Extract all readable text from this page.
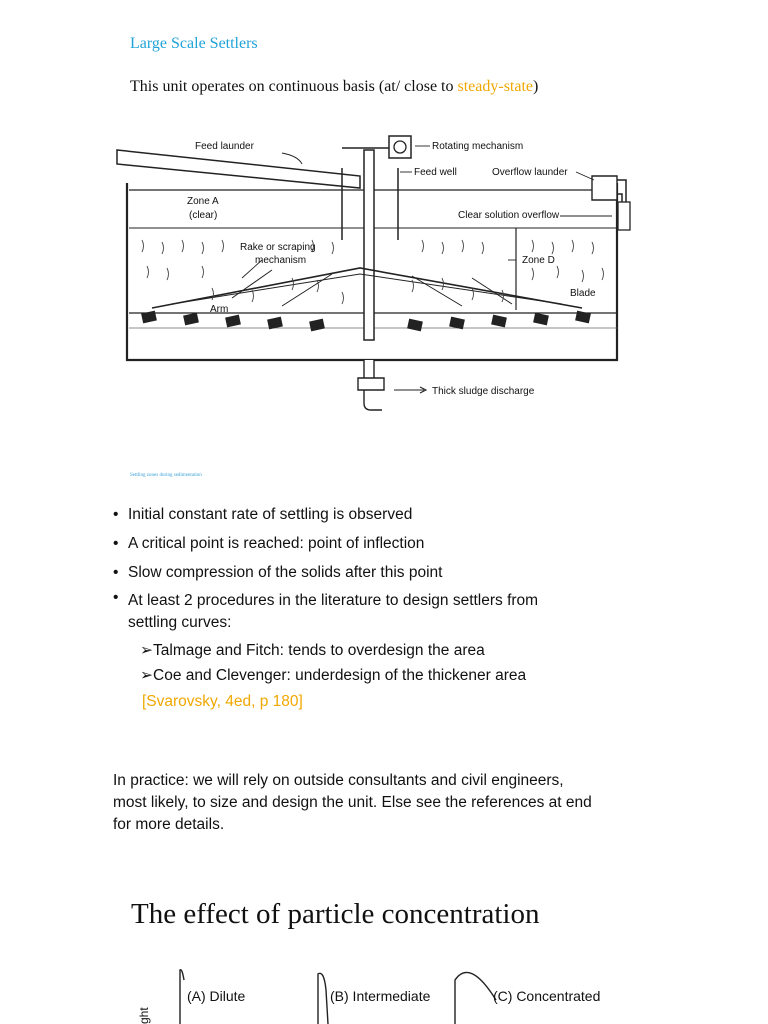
Large Scale Settlers
This unit operates on continuous basis (at/ close to steady-state)
Feed launder	Rotating mechanism
Feed well	Overflow launder
Zone A
(clear)	Clear solution overflow
Rake or scraping
mechanism	Zone D
Arm
Blade
Thick sludge discharge
Settling zones during sedimentation
• Initial constant rate of settling is observed
• A critical point is reached: point of inflection
• Slow compression of the solids after this point
• At least 2 procedures in the literature to design settlers from
settling curves:
➢Talmage and Fitch: tends to overdesign the area
➢Coe and Clevenger: underdesign of the thickener area
[Svarovsky, 4ed, p 180]
In practice: we will rely on outside consultants and civil engineers,
most likely, to size and design the unit. Else see the references at end
for more details.
The effect of particle concentration
ght
(A) Dilute	(B) Intermediate	(C) Concentrated
